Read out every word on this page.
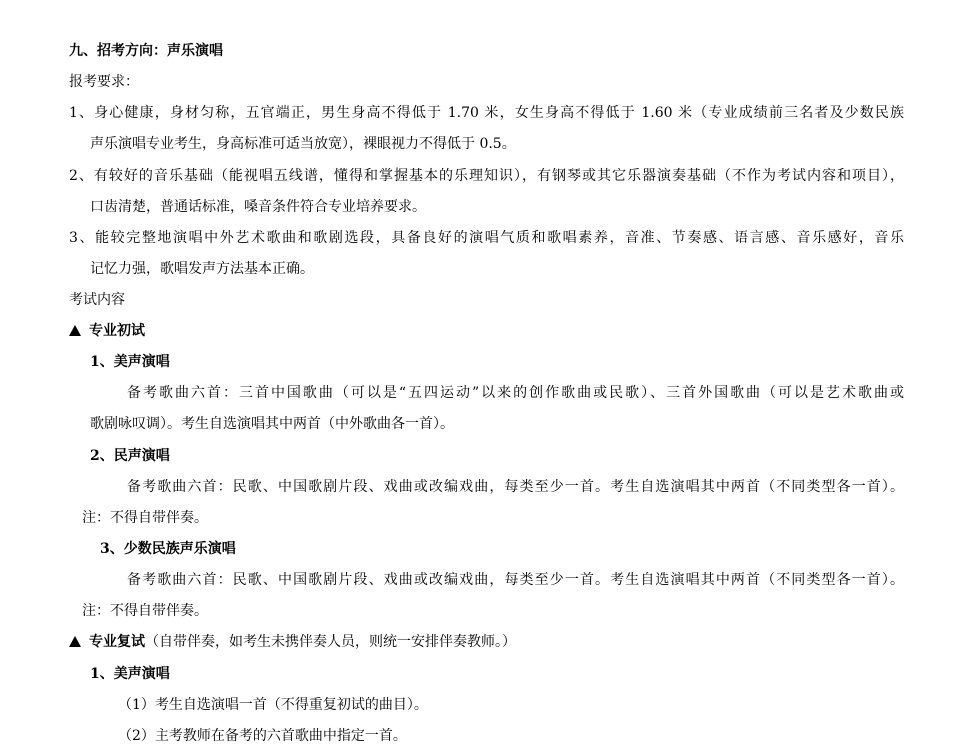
九、招考方向：声乐演唱
报考要求：
1、身心健康，身材匀称，五官端正，男生身高不得低于 1.70 米，女生身高不得低于 1.60 米（专业成绩前三名者及少数民族
声乐演唱专业考生，身高标准可适当放宽），裸眼视力不得低于 0.5。
2、有较好的音乐基础（能视唱五线谱，懂得和掌握基本的乐理知识），有钢琴或其它乐器演奏基础（不作为考试内容和项目），
口齿清楚，普通话标准，嗓音条件符合专业培养要求。
3、能较完整地演唱中外艺术歌曲和歌剧选段，具备良好的演唱气质和歌唱素养，音准、节奏感、语言感、音乐感好，音乐
记忆力强，歌唱发声方法基本正确。
考试内容
专业初试
1、美声演唱
备考歌曲六首：三首中国歌曲（可以是“五四运动”以来的创作歌曲或民歌）、三首外国歌曲（可以是艺术歌曲或
歌剧咏叹调）。考生自选演唱其中两首（中外歌曲各一首）。
2、民声演唱
备考歌曲六首：民歌、中国歌剧片段、戏曲或改编戏曲，每类至少一首。考生自选演唱其中两首（不同类型各一首）。
注：不得自带伴奏。
3、少数民族声乐演唱
备考歌曲六首：民歌、中国歌剧片段、戏曲或改编戏曲，每类至少一首。考生自选演唱其中两首（不同类型各一首）。
注：不得自带伴奏。
专业复试（自带伴奏，如考生未携伴奏人员，则统一安排伴奏教师。）
1、美声演唱
（1）考生自选演唱一首（不得重复初试的曲目）。
（2）主考教师在备考的六首歌曲中指定一首。
